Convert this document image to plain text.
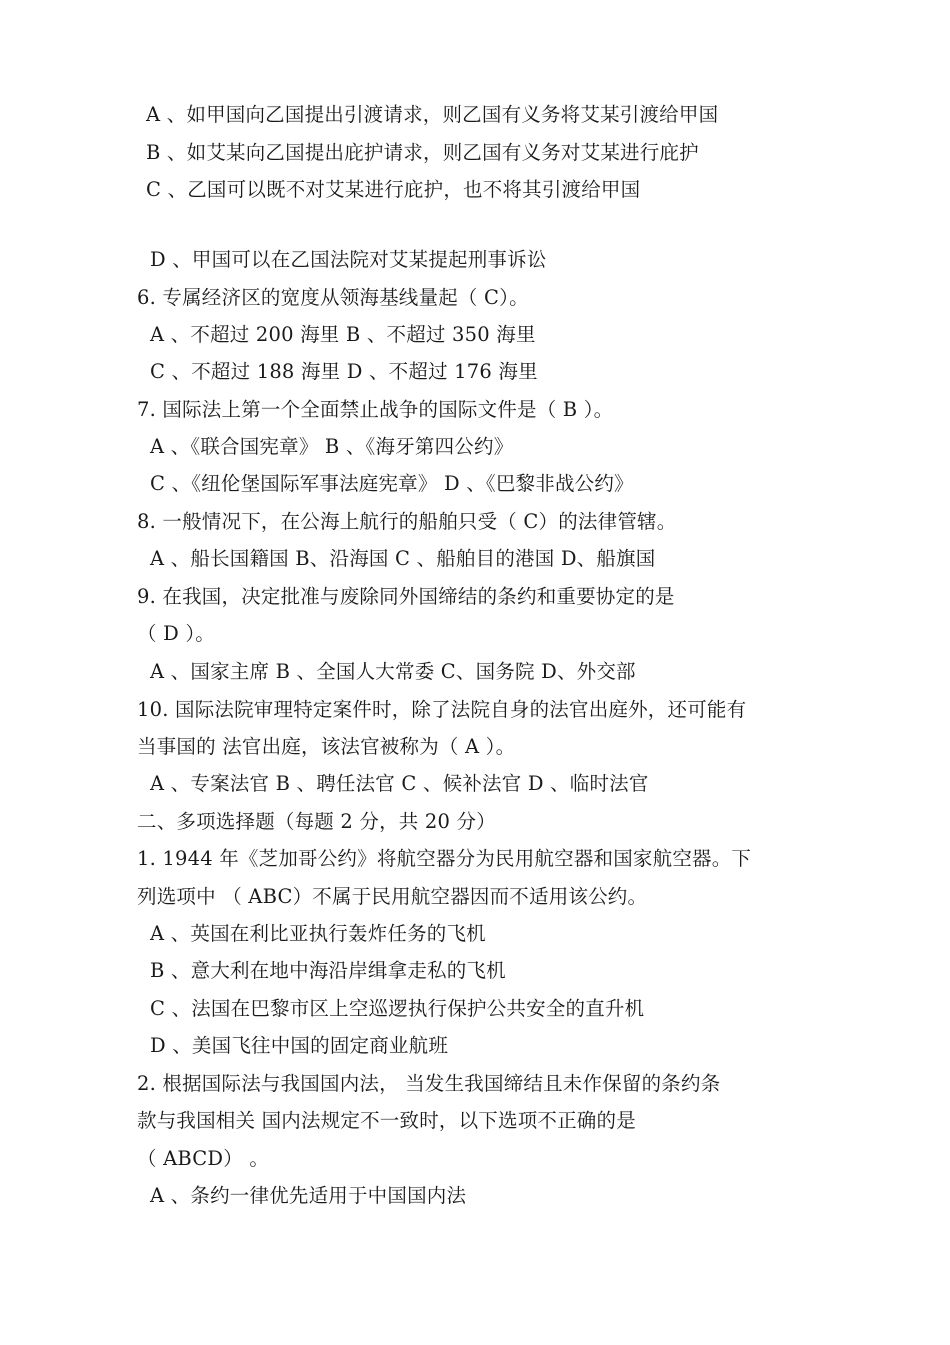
A 、如甲国向乙国提出引渡请求，则乙国有义务将艾某引渡给甲国
B 、如艾某向乙国提出庇护请求，则乙国有义务对艾某进行庇护
C 、乙国可以既不对艾某进行庇护，也不将其引渡给甲国
D 、甲国可以在乙国法院对艾某提起刑事诉讼
6. 专属经济区的宽度从领海基线量起（ C）。
A 、不超过 200 海里 B 、不超过 350 海里
C 、不超过 188 海里 D 、不超过 176 海里
7. 国际法上第一个全面禁止战争的国际文件是（ B ）。
A 、《联合国宪章》 B 、《海牙第四公约》
C 、《纽伦堡国际军事法庭宪章》 D 、《巴黎非战公约》
8. 一般情况下，在公海上航行的船舶只受（ C）的法律管辖。
A 、船长国籍国 B、沿海国 C 、船舶目的港国 D、船旗国
9. 在我国，决定批准与废除同外国缔结的条约和重要协定的是
（ D ）。
A 、国家主席 B 、全国人大常委 C、国务院 D、外交部
10. 国际法院审理特定案件时，除了法院自身的法官出庭外，还可能有
当事国的 法官出庭，该法官被称为（ A ）。
A 、专案法官 B 、聘任法官 C 、候补法官 D 、临时法官
二、多项选择题（每题 2 分，共 20 分）
1. 1944 年《芝加哥公约》将航空器分为民用航空器和国家航空器。下
列选项中 （ ABC）不属于民用航空器因而不适用该公约。
A 、英国在利比亚执行轰炸任务的飞机
B 、意大利在地中海沿岸缉拿走私的飞机
C 、法国在巴黎市区上空巡逻执行保护公共安全的直升机
D 、美国飞往中国的固定商业航班
2. 根据国际法与我国国内法， 当发生我国缔结且未作保留的条约条
款与我国相关 国内法规定不一致时，以下选项不正确的是
（ ABCD） 。
A 、条约一律优先适用于中国国内法
